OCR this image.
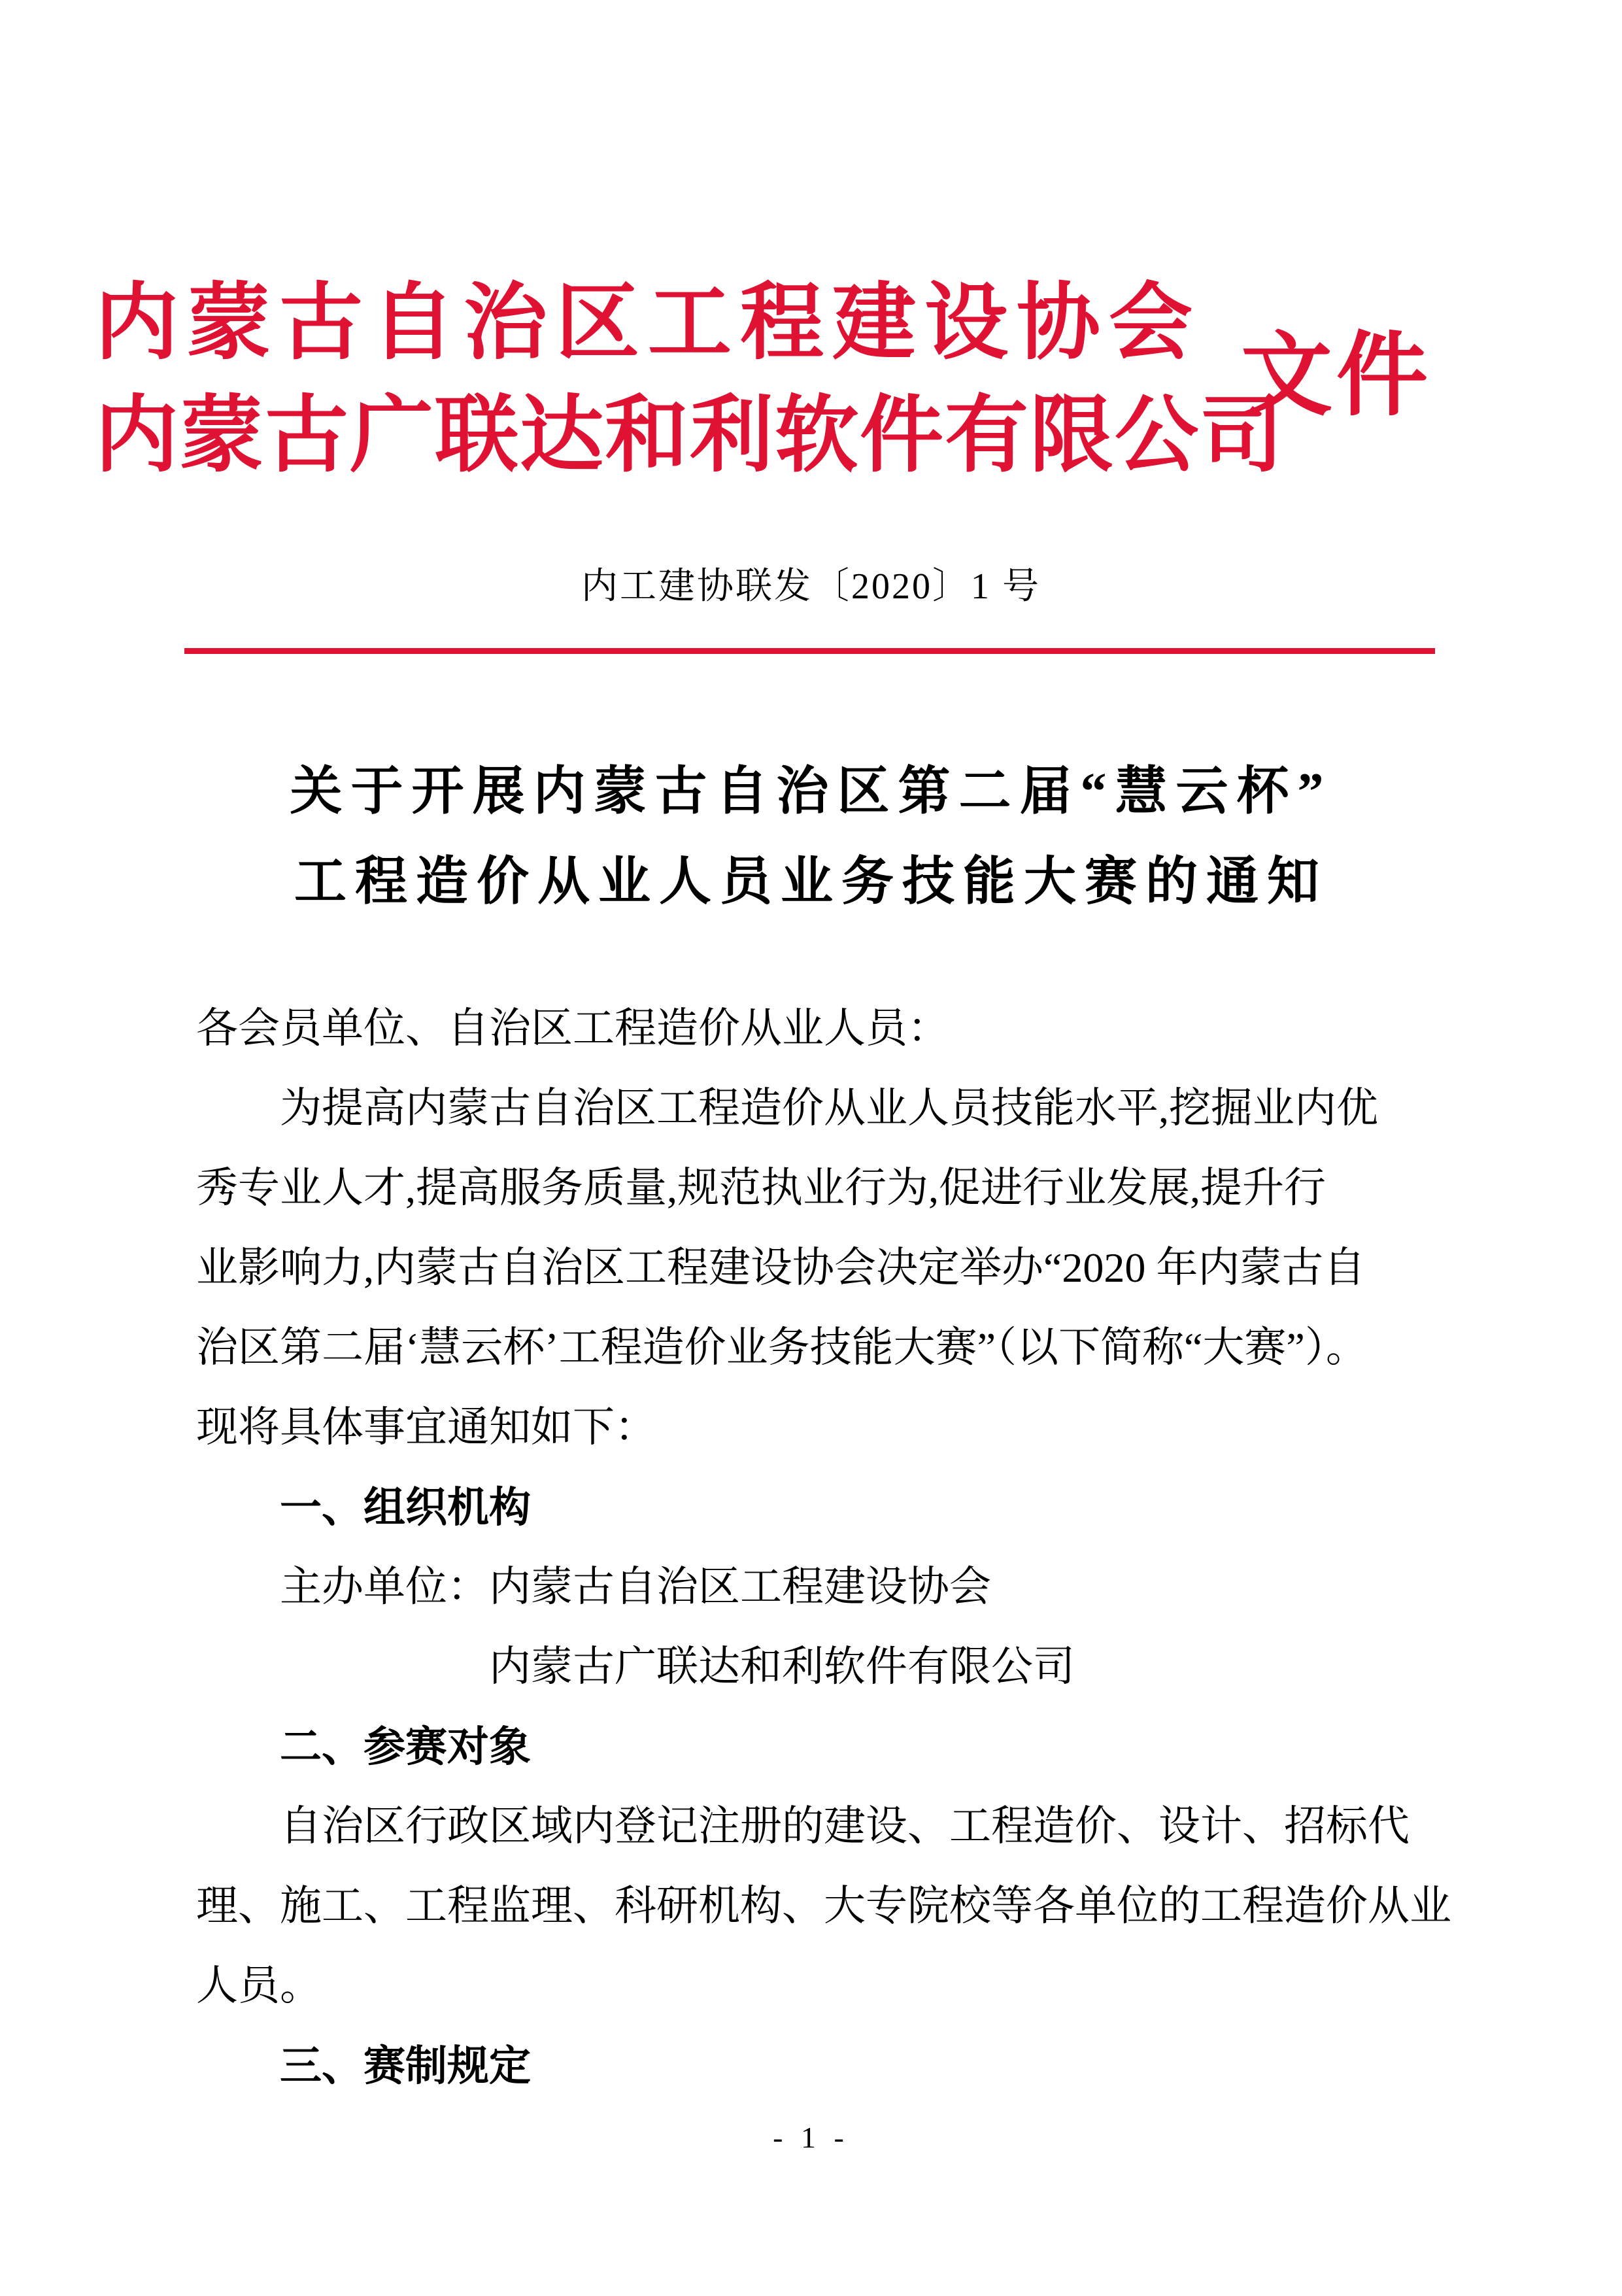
内蒙古自治区工程建设协会
内蒙古广联达和利软件有限公司
文件
内工建协联发〔2020〕1 号
关于开展内蒙古自治区第二届“慧云杯”
工程造价从业人员业务技能大赛的通知
各会员单位、自治区工程造价从业人员：
为提高内蒙古自治区工程造价从业人员技能水平,挖掘业内优
秀专业人才,提高服务质量,规范执业行为,促进行业发展,提升行
业影响力,内蒙古自治区工程建设协会决定举办“2020 年内蒙古自
治区第二届‘慧云杯’工程造价业务技能大赛”（以下简称“大赛”）。
现将具体事宜通知如下：
一、组织机构
主办单位：内蒙古自治区工程建设协会
内蒙古广联达和利软件有限公司
二、参赛对象
自治区行政区域内登记注册的建设、工程造价、设计、招标代
理、施工、工程监理、科研机构、大专院校等各单位的工程造价从业
人员。
三、赛制规定
- 1 -
